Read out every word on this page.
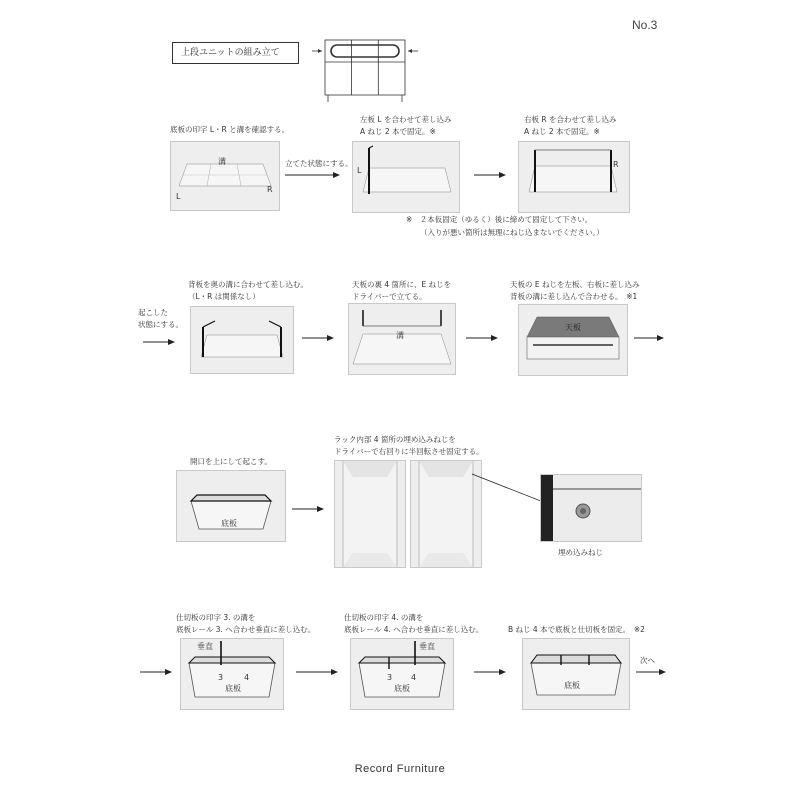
No.3
上段ユニットの組み立て
底板の印字 L・R と溝を確認する。
溝
L
R
立てた状態にする。
左板 L を合わせて差し込み
A ねじ 2 本で固定。※
L
右板 R を合わせて差し込み
A ねじ 2 本で固定。※
R
※　２本仮固定（ゆるく）後に締めて固定して下さい。
（入りが悪い箇所は無理にねじ込まないでください。）
起こした
状態にする。
背板を奥の溝に合わせて差し込む。
（L・R は関係なし）
天板の裏 4 箇所に、E ねじを
ドライバーで立てる。
溝
天板の E ねじを左板、右板に差し込み
背板の溝に差し込んで合わせる。　※1
天板
開口を上にして起こす。
底板
ラック内部 4 箇所の埋め込みねじを
ドライバーで右回りに半回転させ固定する。
埋め込みねじ
仕切板の印字 3. の溝を
底板レール 3. へ合わせ垂直に差し込む。
垂直
3	4
底板
仕切板の印字 4. の溝を
底板レール 4. へ合わせ垂直に差し込む。
垂直
3 4
底板
B ねじ 4 本で底板と仕切板を固定。　※2
底板
次へ
Record Furniture
